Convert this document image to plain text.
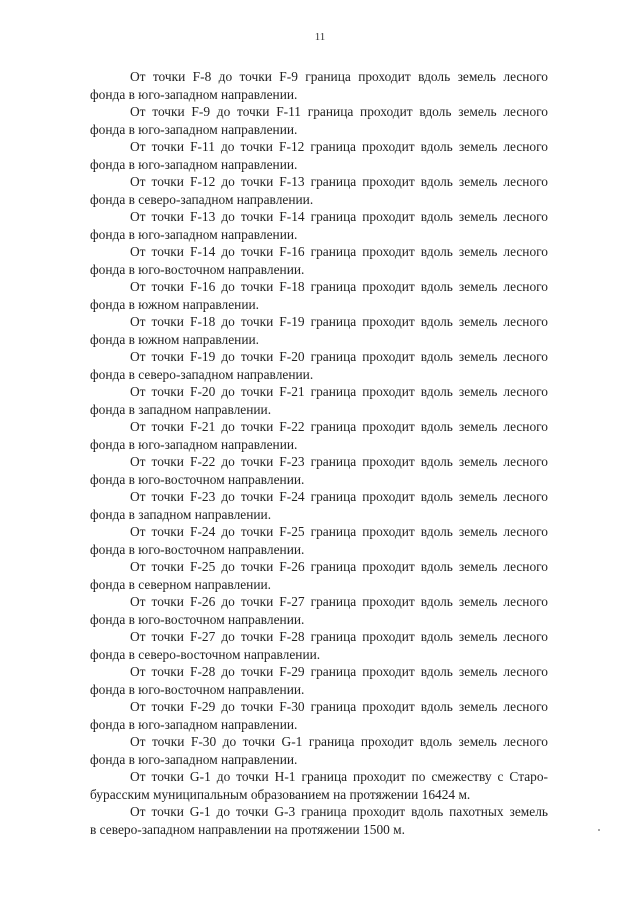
11

От точки F-8 до точки F-9 граница проходит вдоль земель лесного
фонда в юго-западном направлении.

От точки F-9 до точки F-11 граница проходит вдоль земель лесного
фонда в юго-западном направлении.

От точки F-11 до точки F-12 граница проходит вдоль земель лесного
фонда в юго-западном направлении.

От точки F-12 до точки F-13 граница проходит вдоль земель лесного
фонда в северо-западном направлении.

От точки F-13 до точки F-14 граница проходит вдоль земель лесного
фонда в юго-западном направлении.

От точки F-14 до точки F-16 граница проходит вдоль земель лесного
фонда в юго-восточном направлении.

От точки F-16 до точки F-18 граница проходит вдоль земель лесного
фонда в южном направлении.

От точки F-18 до точки F-19 граница проходит вдоль земель лесного
фонда в южном направлении.

От точки F-19 до точки F-20 граница проходит вдоль земель лесного
фонда в северо-западном направлении.

От точки F-20 до точки F-21 граница проходит вдоль земель лесного
фонда в западном направлении.

От точки F-21 до точки F-22 граница проходит вдоль земель лесного
фонда в юго-западном направлении.

От точки F-22 до точки F-23 граница проходит вдоль земель лесного
фонда в юго-восточном направлении.

От точки F-23 до точки F-24 граница проходит вдоль земель лесного
фонда в западном направлении.

От точки F-24 до точки F-25 граница проходит вдоль земель лесного
фонда в юго-восточном направлении.

От точки F-25 до точки F-26 граница проходит вдоль земель лесного
фонда в северном направлении.

От точки F-26 до точки F-27 граница проходит вдоль земель лесного
фонда в юго-восточном направлении.

От точки F-27 до точки F-28 граница проходит вдоль земель лесного
фонда в северо-восточном направлении.

От точки F-28 до точки F-29 граница проходит вдоль земель лесного
фонда в юго-восточном направлении.

От точки F-29 до точки F-30 граница проходит вдоль земель лесного
фонда в юго-западном направлении.

От точки F-30 до точки G-1 граница проходит вдоль земель лесного
фонда в юго-западном направлении.

От точки G-1 до точки H-1 граница проходит по смежеству с Старо-
бурасским муниципальным образованием на протяжении 16424 м.

От точки G-1 до точки G-3 граница проходит вдоль пахотных земель
в северо-западном направлении на протяжении 1500 м.
